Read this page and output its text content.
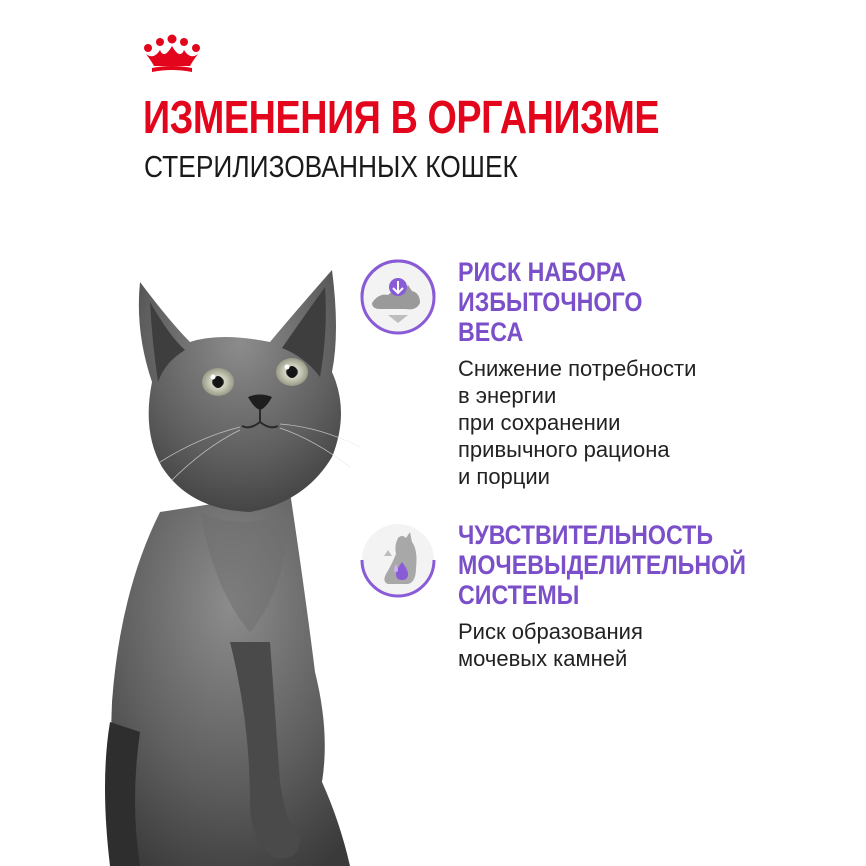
ИЗМЕНЕНИЯ В ОРГАНИЗМЕ
СТЕРИЛИЗОВАННЫХ КОШЕК
РИСК НАБОРА
ИЗБЫТОЧНОГО
ВЕСА
Снижение потребности
в энергии
при сохранении
привычного рациона
и порции
ЧУВСТВИТЕЛЬНОСТЬ
МОЧЕВЫДЕЛИТЕЛЬНОЙ
СИСТЕМЫ
Риск образования
мочевых камней
